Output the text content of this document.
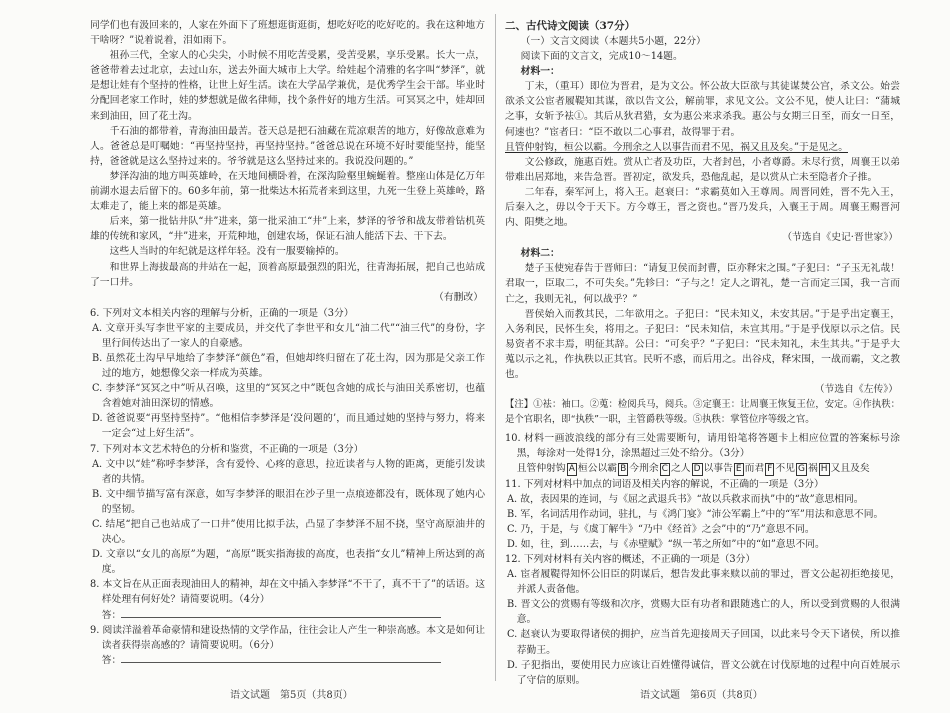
同学们也有汲回来的，人家在外面下了班想逛街逛街，想吃好吃的吃好吃的。我在这种地方干啥呀？”说着说着，泪如雨下。

祖孙三代，全家人的心尖尖，小时候不用吃苦受累，受苦受累，享乐受累。长大一点，爸爸带着去过北京，去过山东，送去外面大城市上大学。给娃起个清雅的名字叫“梦泽”，就是想让娃有个坚持的性格，让世上好生活。读在大学品学兼优，是优秀学生会干部。毕业时分配回老家工作时，娃的梦想就是做名律师，找个条件好的地方生活。可冥冥之中，娃却回来到油田，回了花土沟。

千石油的都带着，青海油田最苦。苍天总是把石油藏在荒凉艰苦的地方，好像故意难为人。爸爸总是叮嘱她：“再坚持坚持，再坚持坚持。”爸爸总说在环境不好时要能坚持，能坚持，爸爸就是这么坚持过来的。爷爷就是这么坚持过来的。我说没问题的。”

梦泽沟油的地方叫英雄岭，在天地间横卧着，在深沟险壑里蜿蜒着。整座山体是亿万年前湖水退去后留下的。60多年前，第一批柴达木拓荒者来到这里，九死一生登上英雄岭，路太难走了，能上来的都是英雄。

后来，第一批钻井队“井”进来，第一批采油工“井”上来，梦泽的爷爷和战友带着钻机英雄的传统和家风，“井”进来，开荒种地，创建农场，保证石油人能活下去、干下去。

这些人当时的年纪就是这样年轻。没有一服要输掉的。

和世界上海拔最高的井站在一起，顶着高原最强烈的阳光，往青海拓展，把自己也站成了一口井。

（有删改）

6. 下列对文本相关内容的理解与分析，正确的一项是（3分）

A. 文章开头写李世平家的主要成员，并交代了李世平和女儿“油二代”“油三代”的身份，字里行间传达出了一家人的自豪感。

B. 虽然花土沟早早地给了李梦泽“颜色”看，但她却终归留在了花土沟，因为那是父亲工作过的地方，她想像父亲一样成为英雄。

C. 李梦泽“冥冥之中”听从召唤，这里的“冥冥之中”既包含她的成长与油田关系密切，也蕴含着她对油田深切的情感。

D. 爸爸说要“再坚持坚持”。“他相信李梦泽是‘没问题的’，而且通过她的坚持与努力，将来一定会“过上好生活”。

7. 下列对本文艺术特色的分析和鉴赏，不正确的一项是（3分）

A. 文中以“娃”称呼李梦泽，含有爱怜、心疼的意思，拉近读者与人物的距离，更能引发读者的共情。

B. 文中细节描写富有深意，如写李梦泽的眼泪在沙子里一点痕迹都没有，既体现了她内心的坚韧。

C. 结尾“把自己也站成了一口井”使用比拟手法，凸显了李梦泽不屈不挠，坚守高原油井的决心。

D. 文章以“女儿的高原”为题，“高原”既实指海拔的高度，也表指“女儿”精神上所达到的高度。

8. 本文旨在从正面表现油田人的精神，却在文中插入李梦泽“不干了，真不干了”的话语。这样处理有何好处？请简要说明。（4分）

答：

9. 阅读洋溢着革命豪情和建设热情的文学作品，往往会让人产生一种崇高感。本文是如何让读者获得崇高感的？请简要说明。（6分）

答：

二、古代诗文阅读（37分）

（一）文言文阅读（本题共5小题，22分）

阅读下面的文言文，完成10～14题。

材料一：

丁未，（重耳）即位为晋君，是为文公。怀公故大臣欲与其徒谋焚公宫，杀文公。始尝欲杀文公宦者履鞮知其谋，欲以告文公，解前罪，求见文公。文公不见，使人让曰：“蒲城之事，女斩予袪①。其后从狄君猎，女为惠公来求杀我。惠公与女期三日至，而女一日至，何速也？”宦者曰：“臣不敢以二心事君，故得罪于君。

且管仲射钩，桓公以霸。今刑余之人以事告而君不见，祸又且及矣。”于是见之。

文公修政，施惠百姓。赏从亡者及功臣，大者封邑，小者尊爵。未尽行赏，周襄王以弟带难出居郑地，来告急晋。晋初定，欲发兵，恐他乱起，是以赏从亡未至隐者介子推。

二年春，秦军河上，将入王。赵衰曰：“求霸莫如入王尊周。周晋同姓，晋不先入王，后秦入之，毋以令于天下。方今尊王，晋之资也。”晋乃发兵，入襄王于周。周襄王赐晋河内、阳樊之地。

（节选自《史记·晋世家》）

材料二：

楚子玉使宛春告于晋师曰：“请复卫侯而封曹，臣亦释宋之围。”子犯曰：“子玉无礼哉！君取一，臣取二，不可失矣。”先轸曰：“子与之！定人之谓礼，楚一言而定三国，我一言而亡之，我则无礼，何以战乎？”

晋侯始入而教其民，二年欲用之。子犯曰：“民未知义，未安其居。”于是乎出定襄王，入务利民，民怀生矣，将用之。子犯曰：“民未知信，未宣其用。”于是乎伐原以示之信。民易资者不求丰焉，明征其辞。公曰：“可矣乎？”子犯曰：“民未知礼，未生其共。”于是乎大蒐以示之礼，作执秩以正其官。民听不惑，而后用之。出谷戍，释宋围，一战而霸，文之教也。

（节选自《左传》）

【注】①袪：袖口。②蒐：检阅兵马，阅兵。③定襄王：让周襄王恢复王位，安定。④作执秩：是个官职名，即“执秩”一职，主管爵秩等级。⑤执秩：掌管位序等级之官。

10. 材料一画波浪线的部分有三处需要断句，请用铅笔将答题卡上相应位置的答案标号涂黑，每涂对一处得1分，涂黑超过三处不给分。（3分）

且管仲射钩 A 桓公以霸 B 今刑余 C 之人 D 以事告 E 而君 F 不见 G 祸 H 又且及矣

11. 下列对材料中加点的词语及相关内容的解说，不正确的一项是（3分）

A. 故，表因果的连词，与《屈之武退兵书》“故以兵救求而执”中的“故”意思相同。

B. 军，名词活用作动词，驻扎，与《鸿门宴》“沛公军霸上”中的“军”用法和意思不同。

C. 乃，于是，与《虞丁解牛》“乃中《经首》之会”中的“乃”意思不同。

D. 如，往，到……去，与《赤壁赋》“纵一苇之所如”中的“如”意思不同。

12. 下列对材料有关内容的概述，不正确的一项是（3分）

A. 宦者履鞮得知怀公旧臣的阴谋后，想告发此事来赎以前的罪过，晋文公起初拒绝接见，并派人责备他。

B. 晋文公的赏赐有等级和次序，赏赐大臣有功者和跟随逃亡的人，所以受到赏赐的人很满意。

C. 赵衰认为要取得诸侯的拥护，应当首先迎接周天子回国，以此来号令天下诸侯，所以推荐勤王。

D. 子犯指出，要使用民力应该让百姓懂得诚信，晋文公就在讨伐原地的过程中向百姓展示了守信的原则。

语文试题　第5页（共8页）	语文试题　第6页（共8页）
